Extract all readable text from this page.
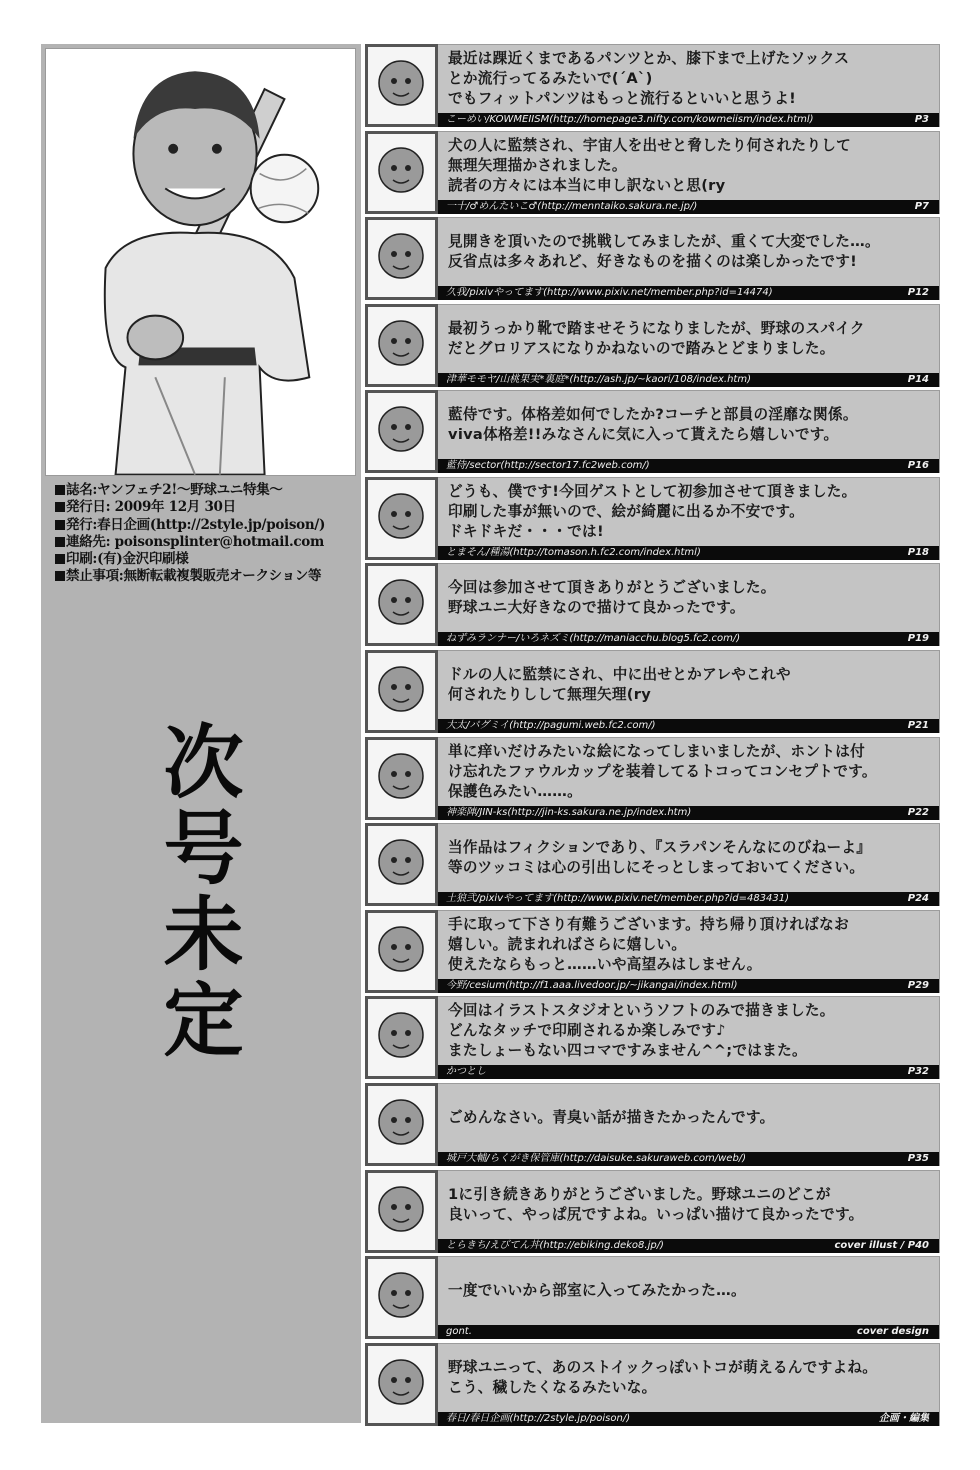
誌名:ヤンフェチ2!〜野球ユニ特集〜
発行日: 2009年 12月 30日
発行:春日企画(http://2style.jp/poison/)
連絡先: poisonsplinter@hotmail.com
印刷:(有)金沢印刷様
禁止事項:無断転載複製販売オークション等
次号未定
最近は踝近くまであるパンツとか、膝下まで上げたソックス
とか流行ってるみたいで(´A`)
でもフィットパンツはもっと流行るといいと思うよ!
こーめい/KOWMEIISM(http://homepage3.nifty.com/kowmeiism/index.html)	P3
犬の人に監禁され、宇宙人を出せと脅したり何されたりして
無理矢理描かされました。
読者の方々には本当に申し訳ないと思(ry
一十/♂めんたいこ♂(http://menntaiko.sakura.ne.jp/)	P7
見開きを頂いたので挑戦してみましたが、重くて大変でした…。
反省点は多々あれど、好きなものを描くのは楽しかったです!
久我/pixivやってます(http://www.pixiv.net/member.php?id=14474)	P12
最初うっかり靴で踏ませそうになりましたが、野球のスパイク
だとグロリアスになりかねないので踏みとどまりました。
津華モモヤ/山桃果実*裏庭*(http://ash.jp/~kaori/108/index.htm)	P14
藍侍です。体格差如何でしたか?コーチと部員の淫靡な関係。
viva体格差!!みなさんに気に入って貰えたら嬉しいです。
藍侍/sector(http://sector17.fc2web.com/)	P16
どうも、僕です!今回ゲストとして初参加させて頂きました。
印刷した事が無いので、絵が綺麗に出るか不安です。
ドキドキだ・・・では!
とまそん/種湯(http://tomason.h.fc2.com/index.html)	P18
今回は参加させて頂きありがとうございました。
野球ユニ大好きなので描けて良かったです。
ねずみランナー/いろネズミ(http://maniacchu.blog5.fc2.com/)	P19
ドルの人に監禁にされ、中に出せとかアレやこれや
何されたりしして無理矢理(ry
大太/パグミイ(http://pagumi.web.fc2.com/)	P21
単に痒いだけみたいな絵になってしまいましたが、ホントは付
け忘れたファウルカップを装着してるトコってコンセプトです。
保護色みたい……。
神楽陣/JIN-ks(http://jin-ks.sakura.ne.jp/index.htm)	P22
当作品はフィクションであり、『スラパンそんなにのびねーよ』
等のツッコミは心の引出しにそっとしまっておいてください。
土狼弐/pixivやってます(http://www.pixiv.net/member.php?id=483431)	P24
手に取って下さり有難うございます。持ち帰り頂ければなお
嬉しい。読まれればさらに嬉しい。
使えたならもっと……いや高望みはしません。
今野/cesium(http://f1.aaa.livedoor.jp/~jikangai/index.html)	P29
今回はイラストスタジオというソフトのみで描きました。
どんなタッチで印刷されるか楽しみです♪
またしょーもない四コマですみません^^;ではまた。
かつとし	P32
ごめんなさい。青臭い話が描きたかったんです。
城戸大輔/らくがき保管庫(http://daisuke.sakuraweb.com/web/)	P35
1に引き続きありがとうございました。野球ユニのどこが
良いって、やっぱ尻ですよね。いっぱい描けて良かったです。
とらきち/えびてん丼(http://ebiking.deko8.jp/)	cover illust / P40
一度でいいから部室に入ってみたかった…。
gont.	cover design
野球ユニって、あのストイックっぽいトコが萌えるんですよね。
こう、穢したくなるみたいな。
春日/春日企画(http://2style.jp/poison/)	企画・編集
